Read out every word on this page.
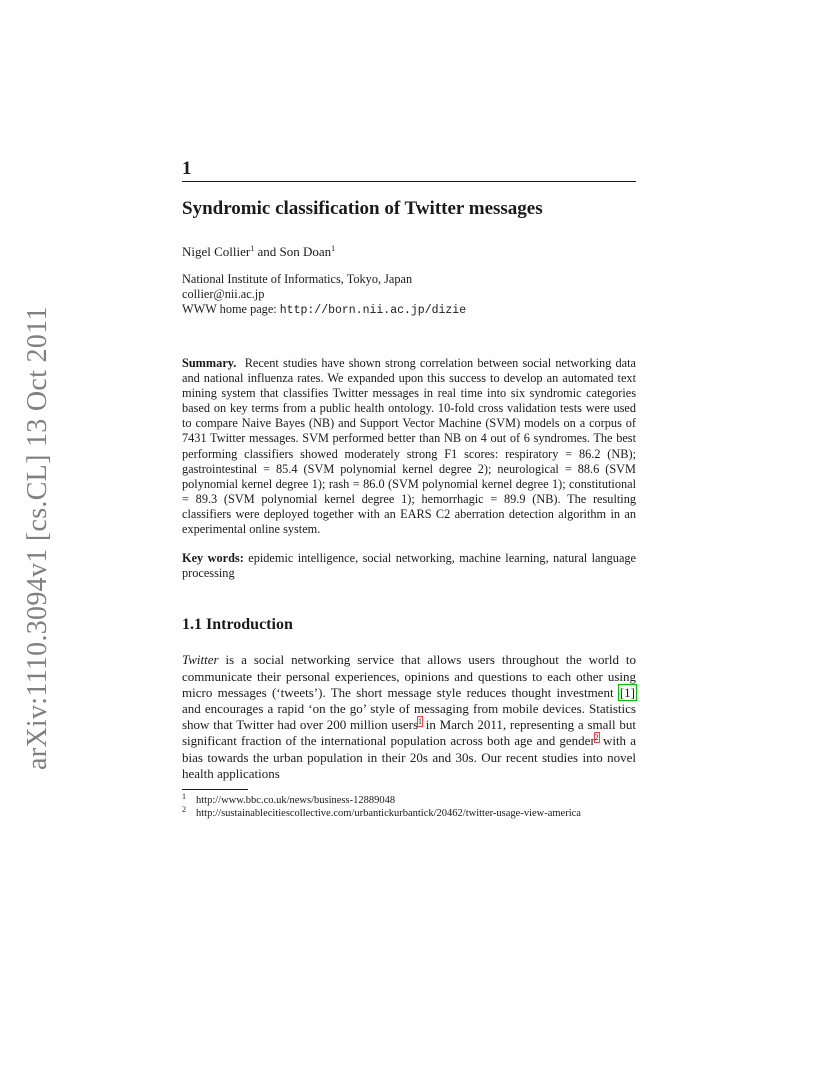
arXiv:1110.3094v1 [cs.CL] 13 Oct 2011
1
Syndromic classification of Twitter messages
Nigel Collier$^1$ and Son Doan$^1$
National Institute of Informatics, Tokyo, Japan
collier@nii.ac.jp
WWW home page: http://born.nii.ac.jp/dizie
Summary. Recent studies have shown strong correlation between social networking data and national influenza rates. We expanded upon this success to develop an automated text mining system that classifies Twitter messages in real time into six syndromic categories based on key terms from a public health ontology. 10-fold cross validation tests were used to compare Naive Bayes (NB) and Support Vector Machine (SVM) models on a corpus of 7431 Twitter messages. SVM performed better than NB on 4 out of 6 syndromes. The best performing classifiers showed moderately strong F1 scores: respiratory = 86.2 (NB); gastrointestinal = 85.4 (SVM polynomial kernel degree 2); neurological = 88.6 (SVM polynomial kernel degree 1); rash = 86.0 (SVM polynomial kernel degree 1); constitutional = 89.3 (SVM polynomial kernel degree 1); hemorrhagic = 89.9 (NB). The resulting classifiers were deployed together with an EARS C2 aberration detection algorithm in an experimental online system.
Key words: epidemic intelligence, social networking, machine learning, natural language processing
1.1 Introduction
Twitter is a social networking service that allows users throughout the world to communicate their personal experiences, opinions and questions to each other using micro messages (‘tweets’). The short message style reduces thought investment [1] and encourages a rapid ‘on the go’ style of messaging from mobile devices. Statistics show that Twitter had over 200 million users$^1$ in March 2011, representing a small but significant fraction of the international population across both age and gender$^2$ with a bias towards the urban population in their 20s and 30s. Our recent studies into novel health applications
$^1$ http://www.bbc.co.uk/news/business-12889048
$^2$ http://sustainablecitiescollective.com/urbantickurbantick/20462/twitter-usage-view-america
